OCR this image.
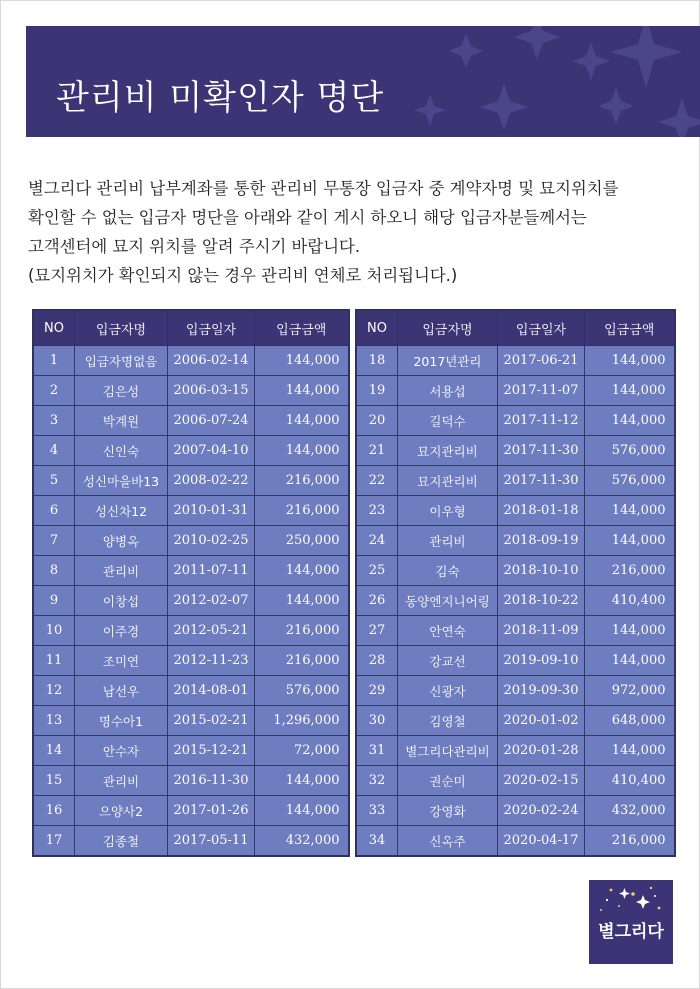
관리비 미확인자 명단

별그리다 관리비 납부계좌를 통한 관리비 무통장 입금자 중 계약자명 및 묘지위치를

확인할 수 없는 입금자 명단을 아래와 같이 게시 하오니 해당 입금자분들께서는

고객센터에 묘지 위치를 알려 주시기 바랍니다.

(묘지위치가 확인되지 않는 경우 관리비 연체로 처리됩니다.)

NO	입금자명	입금일자	입금금액
1	입금자명없음	2006-02-14	144,000
2	김은성	2006-03-15	144,000
3	박계원	2006-07-24	144,000
4	신인숙	2007-04-10	144,000
5	성신마을바13	2008-02-22	216,000
6	성신차12	2010-01-31	216,000
7	양병옥	2010-02-25	250,000
8	관리비	2011-07-11	144,000
9	이창섭	2012-02-07	144,000
10	이주경	2012-05-21	216,000
11	조미연	2012-11-23	216,000
12	남선우	2014-08-01	576,000
13	명수아1	2015-02-21	1,296,000
14	안수자	2015-12-21	72,000
15	관리비	2016-11-30	144,000
16	으양사2	2017-01-26	144,000
17	김종철	2017-05-11	432,000
NO	입금자명	입금일자	입금금액
18	2017년관리	2017-06-21	144,000
19	서용섭	2017-11-07	144,000
20	길덕수	2017-11-12	144,000
21	묘지관리비	2017-11-30	576,000
22	묘지관리비	2017-11-30	576,000
23	이우형	2018-01-18	144,000
24	관리비	2018-09-19	144,000
25	김숙	2018-10-10	216,000
26	동양엔지니어링	2018-10-22	410,400
27	안연숙	2018-11-09	144,000
28	강교선	2019-09-10	144,000
29	신광자	2019-09-30	972,000
30	김영철	2020-01-02	648,000
31	별그리다관리비	2020-01-28	144,000
32	권순미	2020-02-15	410,400
33	강영화	2020-02-24	432,000
34	신옥주	2020-04-17	216,000
별그리다
